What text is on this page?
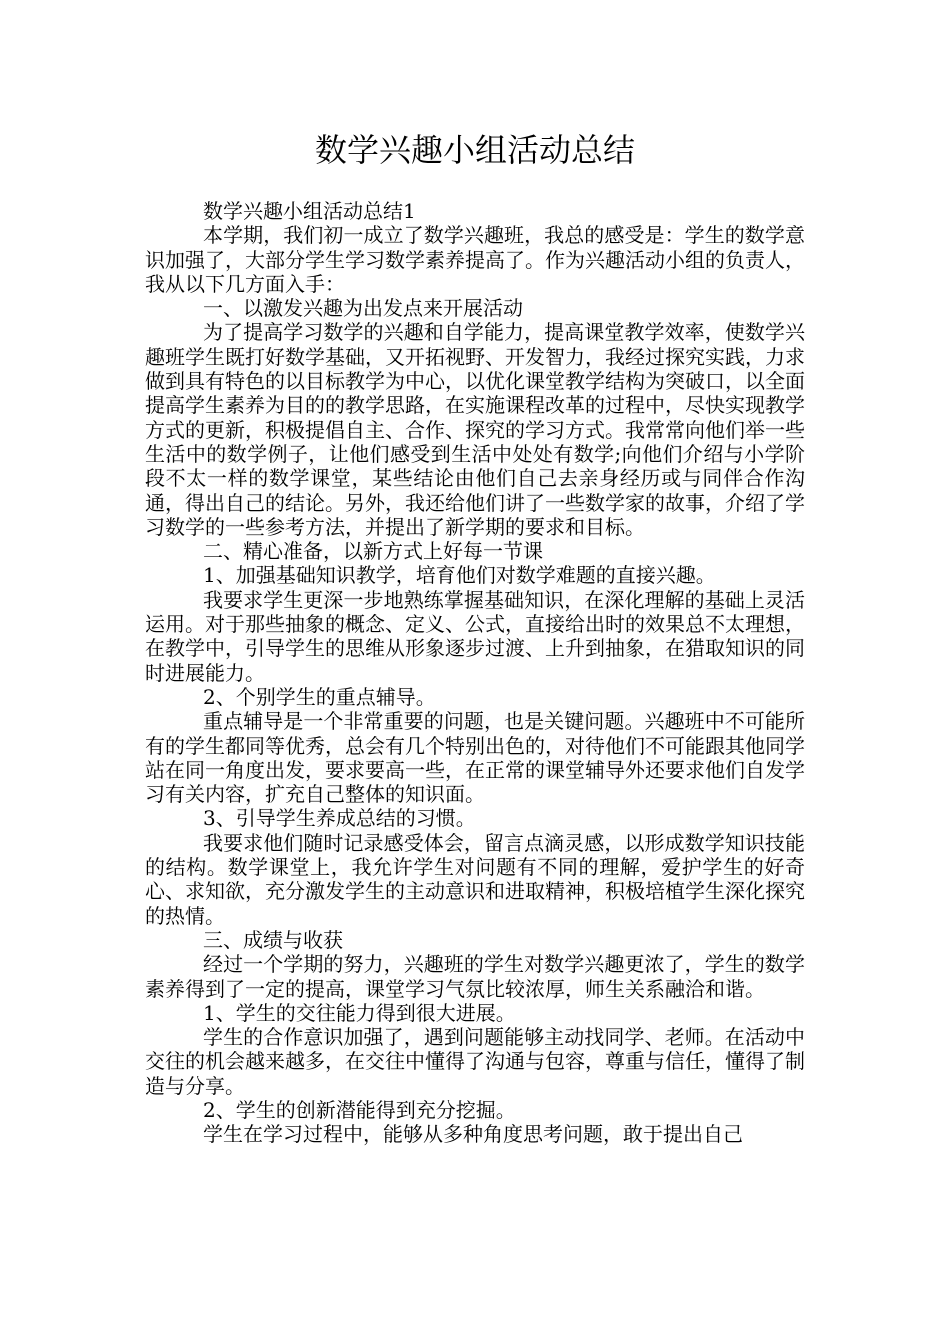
数学兴趣小组活动总结

数学兴趣小组活动总结1

本学期，我们初一成立了数学兴趣班，我总的感受是：学生的数学意识加强了，大部分学生学习数学素养提高了。作为兴趣活动小组的负责人，我从以下几方面入手：

一、以激发兴趣为出发点来开展活动

为了提高学习数学的兴趣和自学能力，提高课堂教学效率，使数学兴趣班学生既打好数学基础，又开拓视野、开发智力，我经过探究实践，力求做到具有特色的以目标教学为中心，以优化课堂教学结构为突破口，以全面提高学生素养为目的的教学思路，在实施课程改革的过程中，尽快实现教学方式的更新，积极提倡自主、合作、探究的学习方式。我常常向他们举一些生活中的数学例子，让他们感受到生活中处处有数学;向他们介绍与小学阶段不太一样的数学课堂，某些结论由他们自己去亲身经历或与同伴合作沟通，得出自己的结论。另外，我还给他们讲了一些数学家的故事，介绍了学习数学的一些参考方法，并提出了新学期的要求和目标。

二、精心准备，以新方式上好每一节课

1、加强基础知识教学，培育他们对数学难题的直接兴趣。

我要求学生更深一步地熟练掌握基础知识，在深化理解的基础上灵活运用。对于那些抽象的概念、定义、公式，直接给出时的效果总不太理想，在教学中，引导学生的思维从形象逐步过渡、上升到抽象，在猎取知识的同时进展能力。

2、个别学生的重点辅导。

重点辅导是一个非常重要的问题，也是关键问题。兴趣班中不可能所有的学生都同等优秀，总会有几个特别出色的，对待他们不可能跟其他同学站在同一角度出发，要求要高一些，在正常的课堂辅导外还要求他们自发学习有关内容，扩充自己整体的知识面。

3、引导学生养成总结的习惯。

我要求他们随时记录感受体会，留言点滴灵感，以形成数学知识技能的结构。数学课堂上，我允许学生对问题有不同的理解，爱护学生的好奇心、求知欲，充分激发学生的主动意识和进取精神，积极培植学生深化探究的热情。

三、成绩与收获

经过一个学期的努力，兴趣班的学生对数学兴趣更浓了，学生的数学素养得到了一定的提高，课堂学习气氛比较浓厚，师生关系融洽和谐。

1、学生的交往能力得到很大进展。

学生的合作意识加强了，遇到问题能够主动找同学、老师。在活动中交往的机会越来越多，在交往中懂得了沟通与包容，尊重与信任，懂得了制造与分享。

2、学生的创新潜能得到充分挖掘。

学生在学习过程中，能够从多种角度思考问题，敢于提出自己
